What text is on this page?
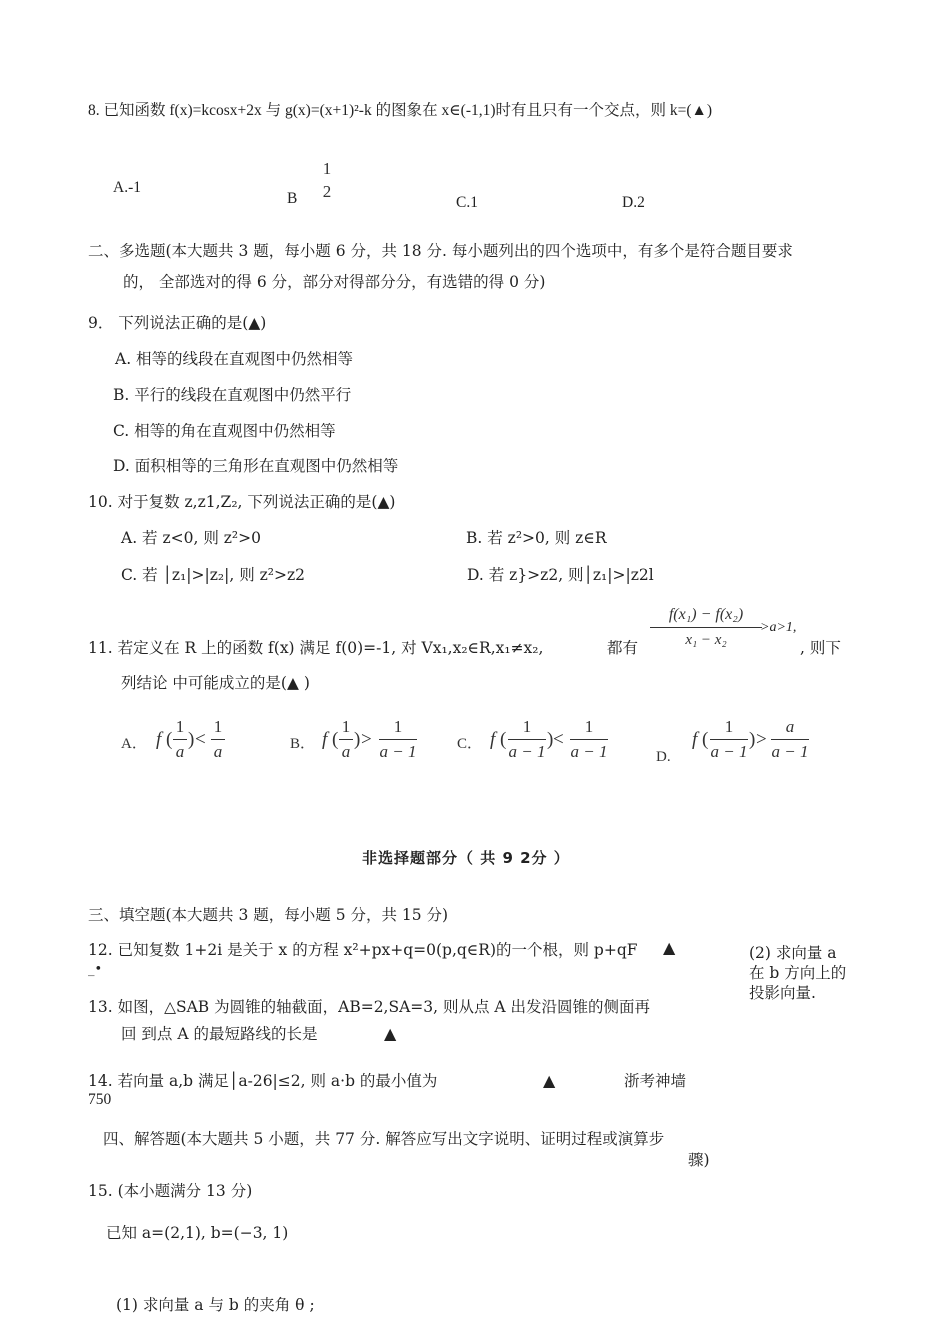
8. 已知函数 f(x)=kcosx+2x 与 g(x)=(x+1)²-k 的图象在 x∈(-1,1)时有且只有一个交点，则 k=(▲)
A.-1
B
1
2
C.1	D.2
二、多选题(本大题共 3 题，每小题 6 分，共 18 分. 每小题列出的四个选项中，有多个是符合题目要求
的， 全部选对的得 6 分，部分对得部分分，有选错的得 0 分)
9． 下列说法正确的是(▲)
A. 相等的线段在直观图中仍然相等
B. 平行的线段在直观图中仍然平行
C. 相等的角在直观图中仍然相等
D. 面积相等的三角形在直观图中仍然相等
10. 对于复数 z,z1,Z₂, 下列说法正确的是(▲)
A. 若 z<0, 则 z²>0	B. 若 z²>0, 则 z∈R
C. 若 │z₁|>|z₂|, 则 z²>z2	D. 若 z}>z2, 则│z₁|>|z2l
11. 若定义在 R 上的函数 f(x) 满足 f(0)=-1, 对 Vx₁,x₂∈R,x₁≠x₂,	都有
f(x₁) − f(x₂)
x₁ − x₂
>a>1,
, 则下
列结论 中可能成立的是(▲ )
A． f (
1
a
) <
1
a	B． f (
1
a
) >
1
a − 1	C． f (
1
a − 1
) <
1
a − 1	D.
f (
1
a − 1
) >
a
a − 1
非选择题部分（ 共 9 2分 ）
三、填空题(本大题共 3 题，每小题 5 分，共 15 分)
12. 已知复数 1+2i 是关于 x 的方程 x²+px+q=0(p,q∈R)的一个根，则 p+qF ▲
_•
(2) 求向量 a
在 b 方向上的
投影向量.
13. 如图，△SAB 为圆锥的轴截面，AB=2,SA=3, 则从点 A 出发沿圆锥的侧面再
回 到点 A 的最短路线的长是	▲
14. 若向量 a,b 满足│a-26|≤2, 则 a·b 的最小值为	▲	浙考神墙
750
四、解答题(本大题共 5 小题，共 77 分. 解答应写出文字说明、证明过程或演算步
骤)
15. (本小题满分 13 分)
已知 a=(2,1), b=(−3, 1)
(1) 求向量 a 与 b 的夹角 θ ;
